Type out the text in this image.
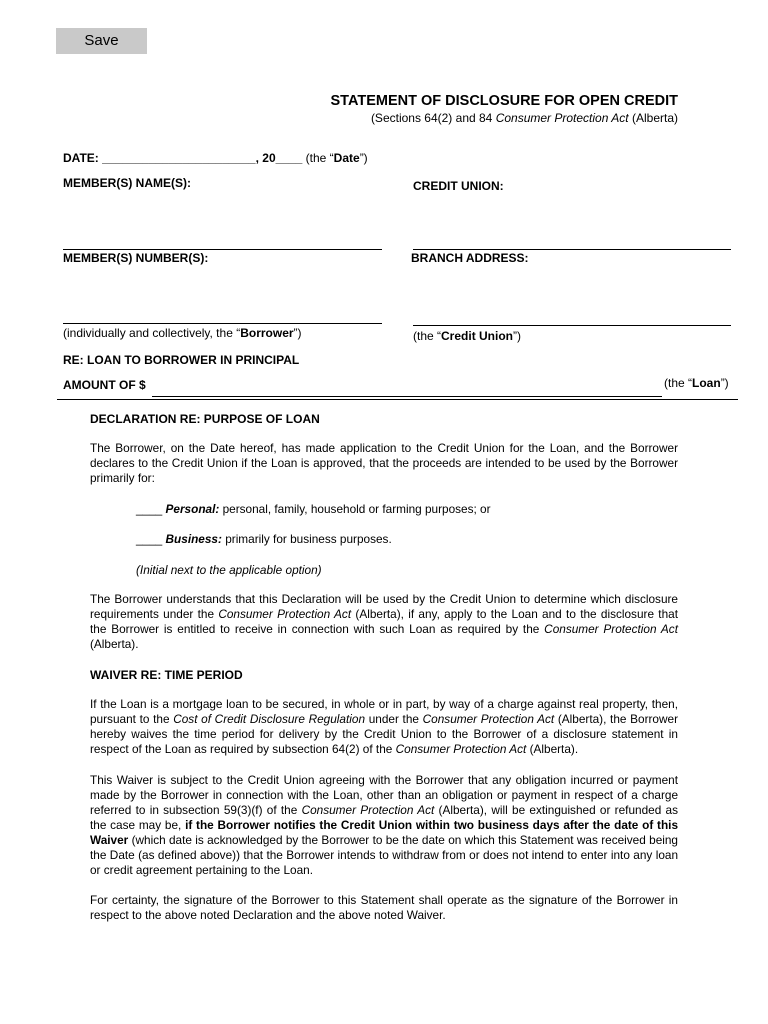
Save
STATEMENT OF DISCLOSURE FOR OPEN CREDIT
(Sections 64(2) and 84 Consumer Protection Act (Alberta)
DATE: _______________________, 20____ (the “Date”)
MEMBER(S) NAME(S):	CREDIT UNION:
MEMBER(S) NUMBER(S):	BRANCH ADDRESS:
(individually and collectively, the “Borrower”)	(the “Credit Union”)
RE: LOAN TO BORROWER IN PRINCIPAL
AMOUNT OF $	(the “Loan”)
DECLARATION RE: PURPOSE OF LOAN
The Borrower, on the Date hereof, has made application to the Credit Union for the Loan, and the Borrower declares to the Credit Union if the Loan is approved, that the proceeds are intended to be used by the Borrower primarily for:
____ Personal: personal, family, household or farming purposes; or
____ Business: primarily for business purposes.
(Initial next to the applicable option)
The Borrower understands that this Declaration will be used by the Credit Union to determine which disclosure requirements under the Consumer Protection Act (Alberta), if any, apply to the Loan and to the disclosure that the Borrower is entitled to receive in connection with such Loan as required by the Consumer Protection Act (Alberta).
WAIVER RE: TIME PERIOD
If the Loan is a mortgage loan to be secured, in whole or in part, by way of a charge against real property, then, pursuant to the Cost of Credit Disclosure Regulation under the Consumer Protection Act (Alberta), the Borrower hereby waives the time period for delivery by the Credit Union to the Borrower of a disclosure statement in respect of the Loan as required by subsection 64(2) of the Consumer Protection Act (Alberta).
This Waiver is subject to the Credit Union agreeing with the Borrower that any obligation incurred or payment made by the Borrower in connection with the Loan, other than an obligation or payment in respect of a charge referred to in subsection 59(3)(f) of the Consumer Protection Act (Alberta), will be extinguished or refunded as the case may be, if the Borrower notifies the Credit Union within two business days after the date of this Waiver (which date is acknowledged by the Borrower to be the date on which this Statement was received being the Date (as defined above)) that the Borrower intends to withdraw from or does not intend to enter into any loan or credit agreement pertaining to the Loan.
For certainty, the signature of the Borrower to this Statement shall operate as the signature of the Borrower in respect to the above noted Declaration and the above noted Waiver.
